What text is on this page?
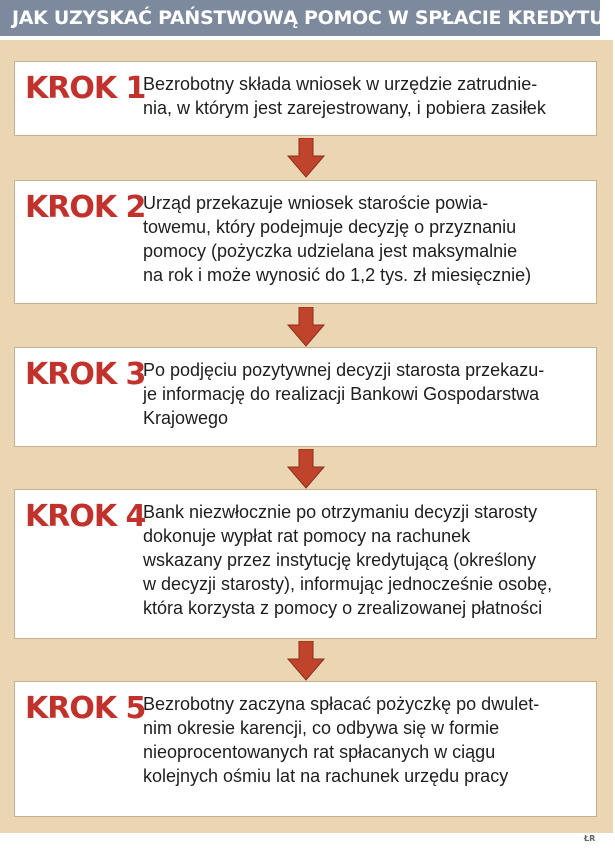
JAK UZYSKAĆ PAŃSTWOWĄ POMOC W SPŁACIE KREDYTU
KROK 1

Bezrobotny składa wniosek w urzędzie zatrudnie-
nia, w którym jest zarejestrowany, i pobiera zasiłek

KROK 2

Urząd przekazuje wniosek staroście powia-
towemu, który podejmuje decyzję o przyznaniu
pomocy (pożyczka udzielana jest maksymalnie
na rok i może wynosić do 1,2 tys. zł miesięcznie)

KROK 3

Po podjęciu pozytywnej decyzji starosta przekazu-
je informację do realizacji Bankowi Gospodarstwa
Krajowego

KROK 4

Bank niezwłocznie po otrzymaniu decyzji starosty
dokonuje wypłat rat pomocy na rachunek
wskazany przez instytucję kredytującą (określony
w decyzji starosty), informując jednocześnie osobę,
która korzysta z pomocy o zrealizowanej płatności

KROK 5

Bezrobotny zaczyna spłacać pożyczkę po dwulet-
nim okresie karencji, co odbywa się w formie
nieoprocentowanych rat spłacanych w ciągu
kolejnych ośmiu lat na rachunek urzędu pracy

ŁR
